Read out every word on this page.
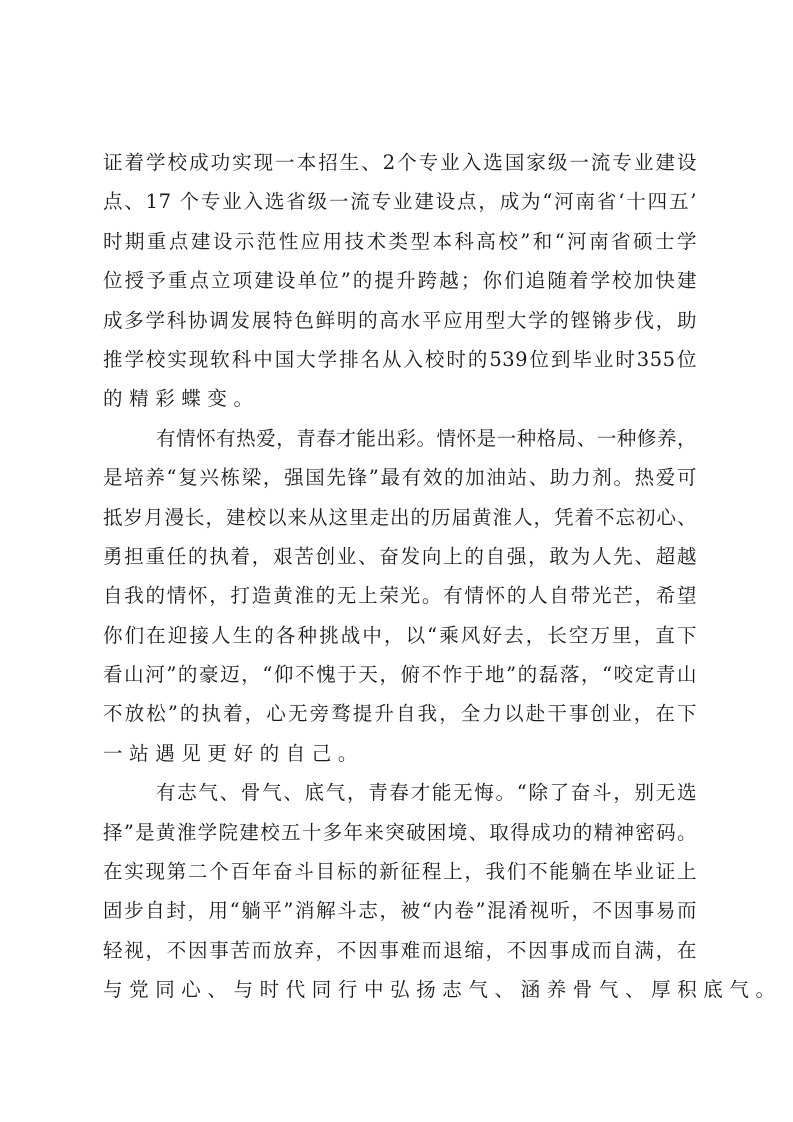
证着学校成功实现一本招生、2个专业入选国家级一流专业建设
点、17 个专业入选省级一流专业建设点，成为“河南省‘十四五’
时期重点建设示范性应用技术类型本科高校”和“河南省硕士学
位授予重点立项建设单位”的提升跨越；你们追随着学校加快建
成多学科协调发展特色鲜明的高水平应用型大学的铿锵步伐，助
推学校实现软科中国大学排名从入校时的539位到毕业时355位
的精彩蝶变。
有情怀有热爱，青春才能出彩。情怀是一种格局、一种修养，
是培养“复兴栋梁，强国先锋”最有效的加油站、助力剂。热爱可
抵岁月漫长，建校以来从这里走出的历届黄淮人，凭着不忘初心、
勇担重任的执着，艰苦创业、奋发向上的自强，敢为人先、超越
自我的情怀，打造黄淮的无上荣光。有情怀的人自带光芒，希望
你们在迎接人生的各种挑战中，以“乘风好去，长空万里，直下
看山河”的豪迈，“仰不愧于天，俯不怍于地”的磊落，“咬定青山
不放松”的执着，心无旁骛提升自我，全力以赴干事创业，在下
一站遇见更好的自己。
有志气、骨气、底气，青春才能无悔。“除了奋斗，别无选
择”是黄淮学院建校五十多年来突破困境、取得成功的精神密码。
在实现第二个百年奋斗目标的新征程上，我们不能躺在毕业证上
固步自封，用“躺平”消解斗志，被“内卷”混淆视听，不因事易而
轻视，不因事苦而放弃，不因事难而退缩，不因事成而自满，在
与党同心、与时代同行中弘扬志气、涵养骨气、厚积底气。
